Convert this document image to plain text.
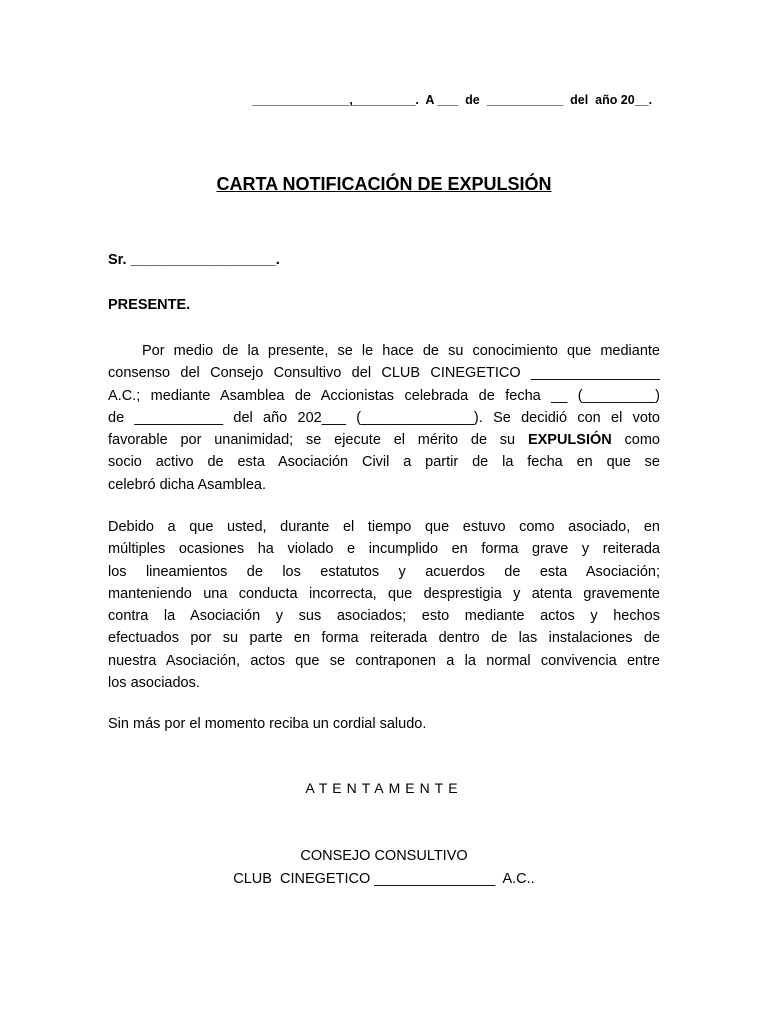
______________,_________.  A ___  de  ___________  del  año 20__.
CARTA NOTIFICACIÓN DE EXPULSIÓN
Sr. __________________.
PRESENTE.
Por medio de la presente, se le hace de su conocimiento que mediante
consenso del Consejo Consultivo del CLUB CINEGETICO ________________
A.C.; mediante Asamblea de Accionistas celebrada de fecha __ (_________)
de ___________ del año 202___ (______________). Se decidió con el voto
favorable por unanimidad; se ejecute el mérito de su EXPULSIÓN como
socio activo de esta Asociación Civil a partir de la fecha en que se
celebró dicha Asamblea.
Debido a que usted, durante el tiempo que estuvo como asociado, en
múltiples ocasiones ha violado e incumplido en forma grave y reiterada
los lineamientos de los estatutos y acuerdos de esta Asociación;
manteniendo una conducta incorrecta, que desprestigia y atenta gravemente
contra la Asociación y sus asociados; esto mediante actos y hechos
efectuados por su parte en forma reiterada dentro de las instalaciones de
nuestra Asociación, actos que se contraponen a la normal convivencia entre
los asociados.
Sin más por el momento reciba un cordial saludo.
ATENTAMENTE
CONSEJO CONSULTIVO
CLUB  CINEGETICO _______________  A.C..
